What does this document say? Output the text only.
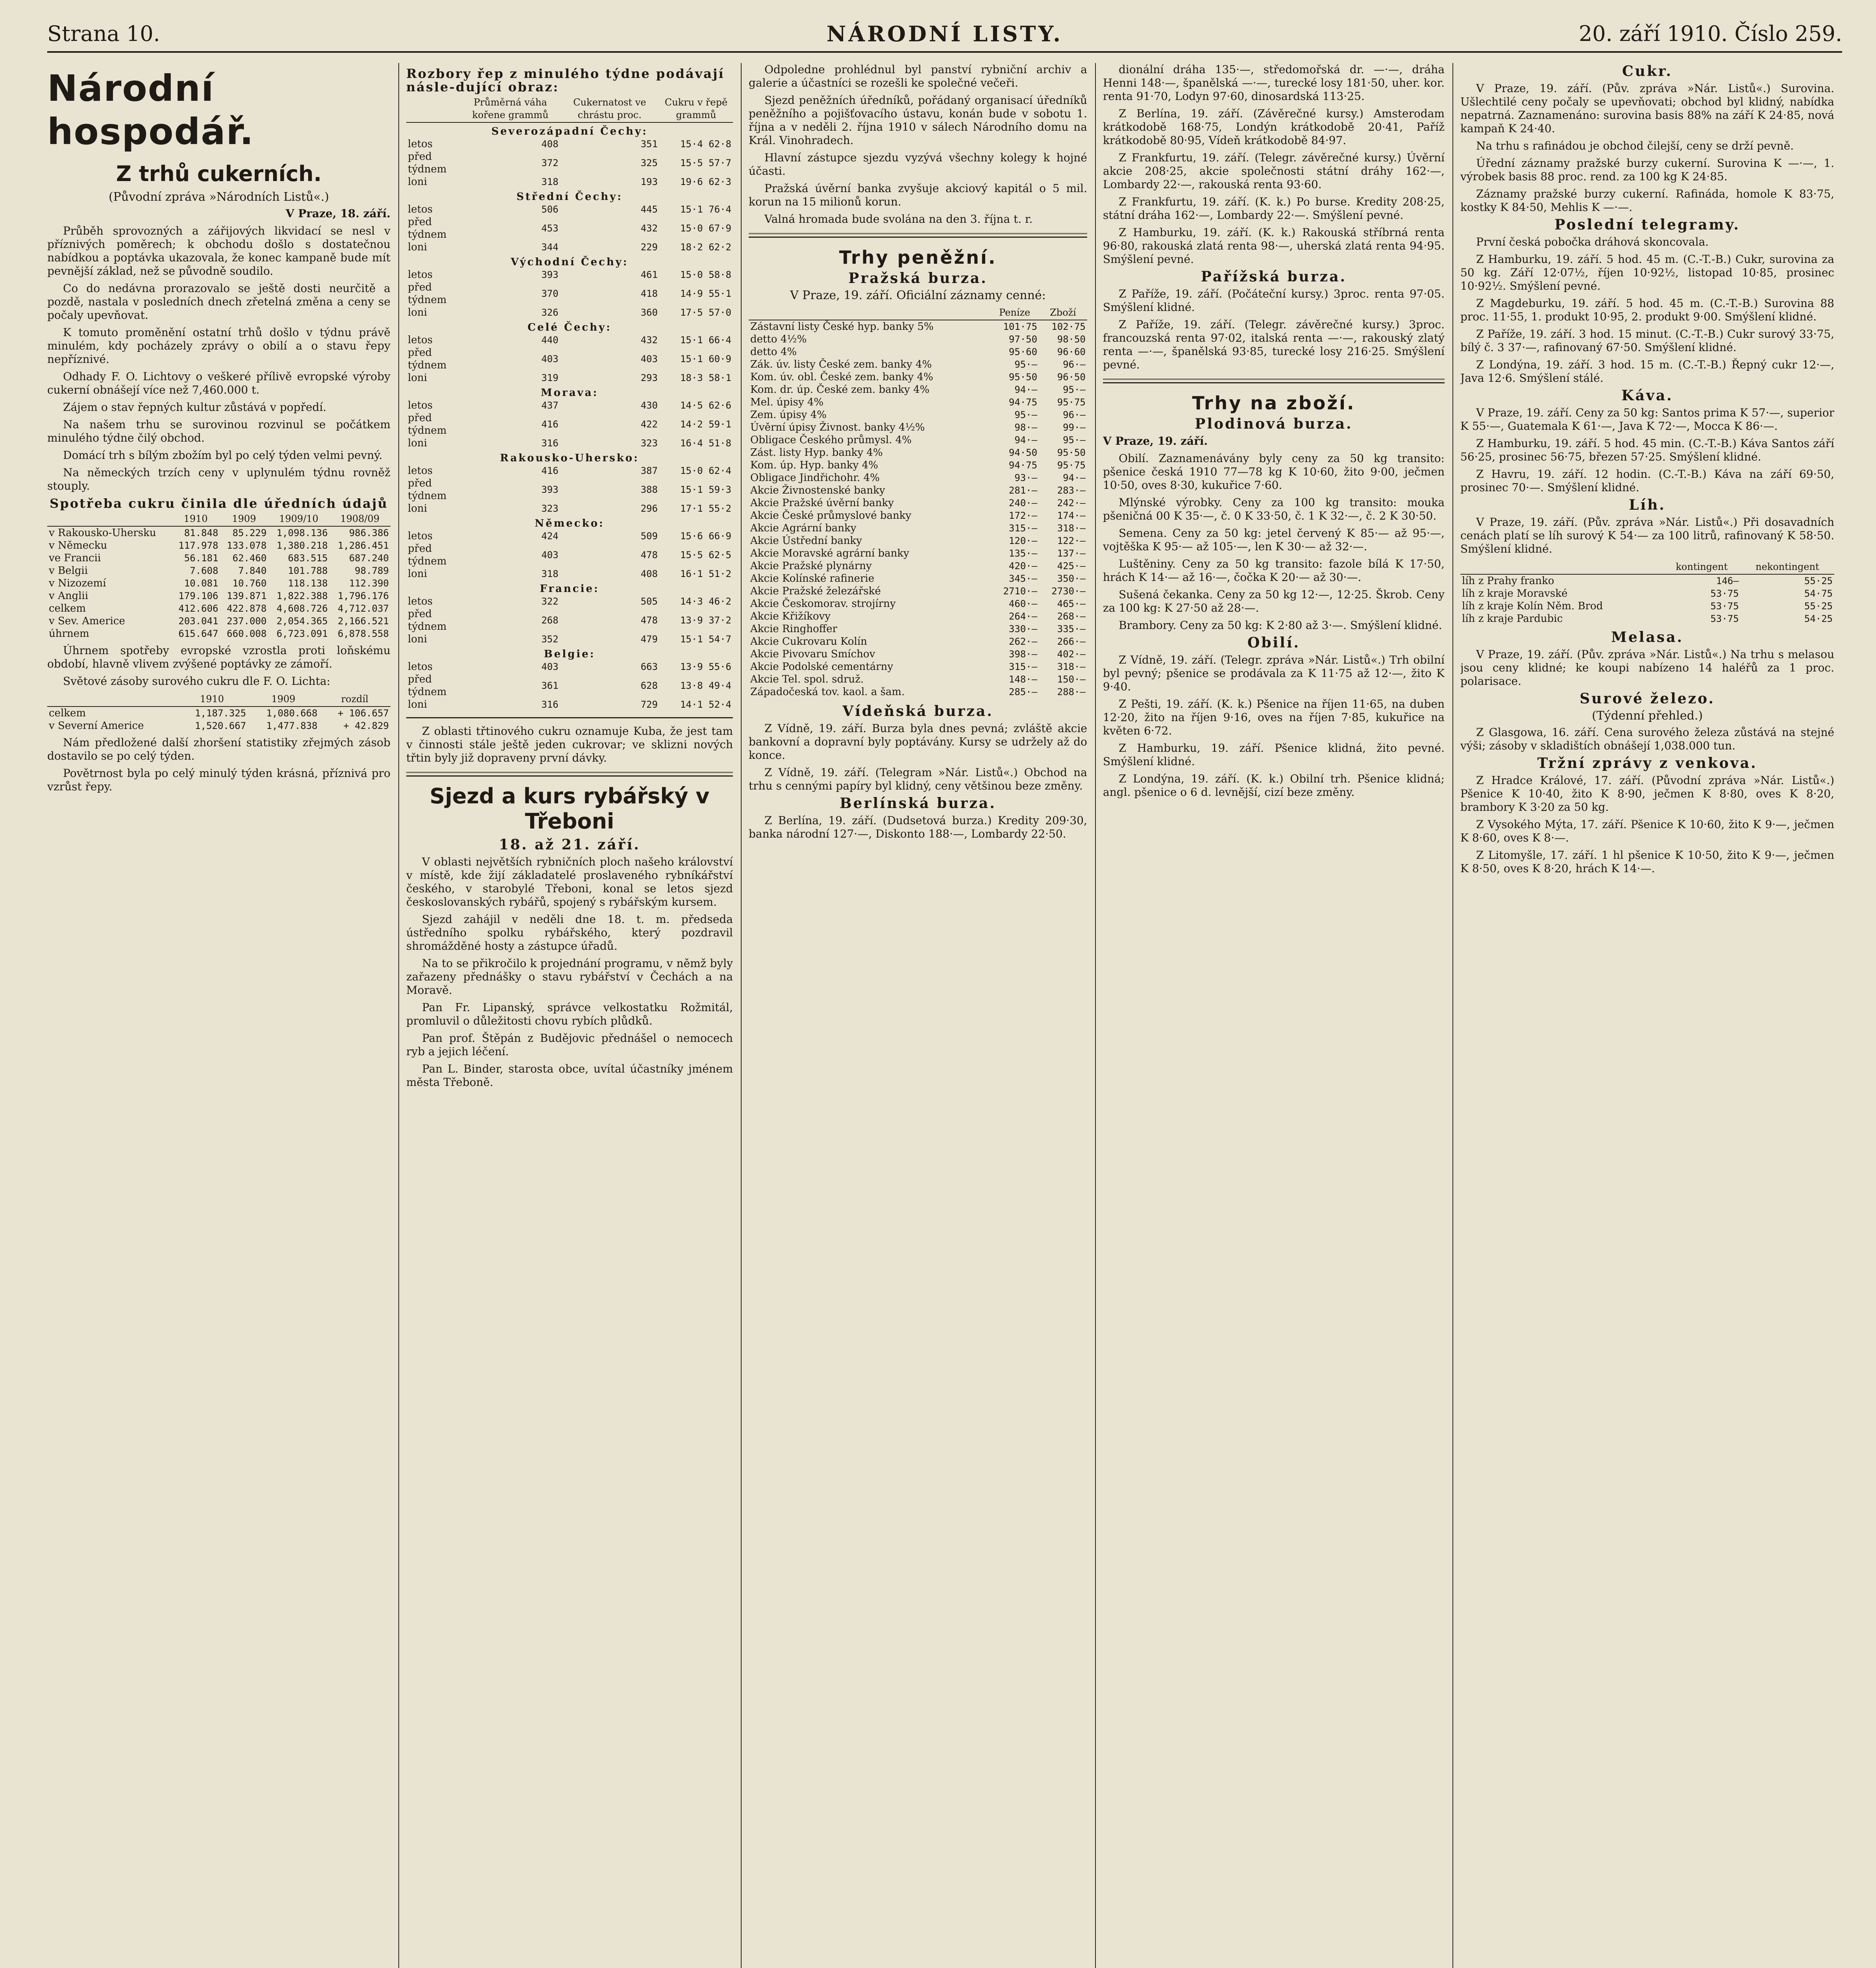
Strana 10.	NÁRODNÍ LISTY.	20. září 1910. Číslo 259.
Národní hospodář.
Z trhů cukerních.
(Původní zpráva »Národních Listů«.)
V Praze, 18. září.

Průběh sprovozných a zářijových likvidací se nesl v příznivých poměrech; k obchodu došlo s dostatečnou nabídkou a poptávka ukazovala, že konec kampaně bude mít pevnější základ, než se původně soudilo.

Co do nedávna prorazovalo se ještě dosti neurčitě a pozdě, nastala v posledních dnech zřetelná změna a ceny se počaly upevňovat.

K tomuto proměnění ostatní trhů došlo v týdnu právě minulém, kdy pocházely zprávy o obilí a o stavu řepy nepříznivé.

Odhady F. O. Lichtovy o veškeré přílivě evropské výroby cukerní obnášejí více než 7,460.000 t.

Zájem o stav řepných kultur zůstává v popředí.

Na našem trhu se surovinou rozvinul se počátkem minulého týdne čilý obchod.

Domácí trh s bílým zbožím byl po celý týden velmi pevný.

Na německých trzích ceny v uplynulém týdnu rovněž stouply.

Spotřeba cukru činila dle úředních údajů
	1910	1909	1909/10	1908/09
v Rakousko-Uhersku	81.848	85.229	1,098.136	986.386
v Německu	117.978	133.078	1,380.218	1,286.451
ve Francii	56.181	62.460	683.515	687.240
v Belgii	7.608	7.840	101.788	98.789
v Nizozemí	10.081	10.760	118.138	112.390
v Anglii	179.106	139.871	1,822.388	1,796.176
celkem	412.606	422.878	4,608.726	4,712.037
v Sev. Americe	203.041	237.000	2,054.365	2,166.521
úhrnem	615.647	660.008	6,723.091	6,878.558

Úhrnem spotřeby evropské vzrostla proti loňskému období, hlavně vlivem zvýšené poptávky ze zámoří.

Světové zásoby surového cukru dle F. O. Lichta:

	1910	1909	rozdíl
celkem	1,187.325	1,080.668	+ 106.657
v Severní Americe	1,520.667	1,477.838	+ 42.829

Nám předložené další zhoršení statistiky zřejmých zásob dostavilo se po celý týden.

Povětrnost byla po celý minulý týden krásná, příznivá pro vzrůst řepy.

Rozbory řep z minulého týdne podávají násle-dující obraz:
	Průměrná váha kořene grammů	Cukernatost ve chrástu proc.	Cukru v řepě grammů
Severozápadní Čechy:			
letos	408	351	15·4 62·8
před týdnem	372	325	15·5 57·7
loni	318	193	19·6 62·3
Střední Čechy:			
letos	506	445	15·1 76·4
před týdnem	453	432	15·0 67·9
loni	344	229	18·2 62·2
Východní Čechy:			
letos	393	461	15·0 58·8
před týdnem	370	418	14·9 55·1
loni	326	360	17·5 57·0
Celé Čechy:			
letos	440	432	15·1 66·4
před týdnem	403	403	15·1 60·9
loni	319	293	18·3 58·1
Morava:			
letos	437	430	14·5 62·6
před týdnem	416	422	14·2 59·1
loni	316	323	16·4 51·8
Rakousko-Uhersko:			
letos	416	387	15·0 62·4
před týdnem	393	388	15·1 59·3
loni	323	296	17·1 55·2
Německo:			
letos	424	509	15·6 66·9
před týdnem	403	478	15·5 62·5
loni	318	408	16·1 51·2
Francie:			
letos	322	505	14·3 46·2
před týdnem	268	478	13·9 37·2
loni	352	479	15·1 54·7
Belgie:			
letos	403	663	13·9 55·6
před týdnem	361	628	13·8 49·4
loni	316	729	14·1 52·4

Z oblasti třtinového cukru oznamuje Kuba, že jest tam v činnosti stále ještě jeden cukrovar; ve sklizni nových třtin byly již dopraveny první dávky.

Sjezd a kurs rybářský v Třeboni
18. až 21. září.

V oblasti největších rybničních ploch našeho království v místě, kde žijí základatelé proslaveného rybníkářství českého, v starobylé Třeboni, konal se letos sjezd českoslovanských rybářů, spojený s rybářským kursem.

Sjezd zahájil v neděli dne 18. t. m. předseda ústředního spolku rybářského, který pozdravil shromážděné hosty a zástupce úřadů.

Na to se přikročilo k projednání programu, v němž byly zařazeny přednášky o stavu rybářství v Čechách a na Moravě.

Pan Fr. Lipanský, správce velkostatku Rožmitál, promluvil o důležitosti chovu rybích plůdků.

Pan prof. Štěpán z Budějovic přednášel o nemocech ryb a jejich léčení.

Pan L. Binder, starosta obce, uvítal účastníky jménem města Třeboně.

Odpoledne prohlédnul byl panství rybniční archiv a galerie a účastníci se rozešli ke společné večeři.

Sjezd peněžních úředníků, pořádaný organisací úředníků peněžního a pojišťovacího ústavu, konán bude v sobotu 1. října a v neděli 2. října 1910 v sálech Národního domu na Král. Vinohradech.

Hlavní zástupce sjezdu vyzývá všechny kolegy k hojné účasti.

Pražská úvěrní banka zvyšuje akciový kapitál o 5 mil. korun na 15 milionů korun.

Valná hromada bude svolána na den 3. října t. r.

Trhy peněžní.
Pražská burza.
V Praze, 19. září. Oficiální záznamy cenné:
	Peníze	Zboží
Zástavní listy České hyp. banky 5%	101·75	102·75
detto 4½%	97·50	98·50
detto 4%	95·60	96·60
Zák. úv. listy České zem. banky 4%	95·—	96·—
Kom. úv. obl. České zem. banky 4%	95·50	96·50
Kom. dr. úp. České zem. banky 4%	94·—	95·—
Mel. úpisy 4%	94·75	95·75
Zem. úpisy 4%	95·—	96·—
Úvěrní úpisy Živnost. banky 4½%	98·—	99·—
Obligace Českého průmysl. 4%	94·—	95·—
Zást. listy Hyp. banky 4%	94·50	95·50
Kom. úp. Hyp. banky 4%	94·75	95·75
Obligace Jindřichohr. 4%	93·—	94·—
Akcie Živnostenské banky	281·—	283·—
Akcie Pražské úvěrní banky	240·—	242·—
Akcie České průmyslové banky	172·—	174·—
Akcie Agrární banky	315·—	318·—
Akcie Ústřední banky	120·—	122·—
Akcie Moravské agrární banky	135·—	137·—
Akcie Pražské plynárny	420·—	425·—
Akcie Kolínské rafinerie	345·—	350·—
Akcie Pražské železářské	2710·—	2730·—
Akcie Českomorav. strojírny	460·—	465·—
Akcie Křižíkovy	264·—	268·—
Akcie Ringhoffer	330·—	335·—
Akcie Cukrovaru Kolín	262·—	266·—
Akcie Pivovaru Smíchov	398·—	402·—
Akcie Podolské cementárny	315·—	318·—
Akcie Tel. spol. sdruž.	148·—	150·—
Západočeská tov. kaol. a šam.	285·—	288·—
Vídeňská burza.

Z Vídně, 19. září. Burza byla dnes pevná; zvláště akcie bankovní a dopravní byly poptávány. Kursy se udržely až do konce.

Z Vídně, 19. září. (Telegram »Nár. Listů«.) Obchod na trhu s cennými papíry byl klidný, ceny většinou beze změny.

Berlínská burza.

Z Berlína, 19. září. (Dudsetová burza.) Kredity 209·30, banka národní 127·—, Diskonto 188·—, Lombardy 22·50.

dionální dráha 135·—, středomořská dr. —·—, dráha Henni 148·—, španělská —·—, turecké losy 181·50, uher. kor. renta 91·70, Lodyn 97·60, dinosardská 113·25.

Z Berlína, 19. září. (Závěrečné kursy.) Amsterodam krátkodobě 168·75, Londýn krátkodobě 20·41, Paříž krátkodobě 80·95, Vídeň krátkodobě 84·97.

Z Frankfurtu, 19. září. (Telegr. závěrečné kursy.) Úvěrní akcie 208·25, akcie společnosti státní dráhy 162·—, Lombardy 22·—, rakouská renta 93·60.

Z Frankfurtu, 19. září. (K. k.) Po burse. Kredity 208·25, státní dráha 162·—, Lombardy 22·—. Smýšlení pevné.

Z Hamburku, 19. září. (K. k.) Rakouská stříbrná renta 96·80, rakouská zlatá renta 98·—, uherská zlatá renta 94·95. Smýšlení pevné.

Pařížská burza.

Z Paříže, 19. září. (Počáteční kursy.) 3proc. renta 97·05. Smýšlení klidné.

Z Paříže, 19. září. (Telegr. závěrečné kursy.) 3proc. francouzská renta 97·02, italská renta —·—, rakouský zlatý renta —·—, španělská 93·85, turecké losy 216·25. Smýšlení pevné.

Trhy na zboží.
Plodinová burza.
V Praze, 19. září.

Obilí. Zaznamenávány byly ceny za 50 kg transito: pšenice česká 1910 77—78 kg K 10·60, žito 9·00, ječmen 10·50, oves 8·30, kukuřice 7·60.

Mlýnské výrobky. Ceny za 100 kg transito: mouka pšeničná 00 K 35·—, č. 0 K 33·50, č. 1 K 32·—, č. 2 K 30·50.

Semena. Ceny za 50 kg: jetel červený K 85·— až 95·—, vojtěška K 95·— až 105·—, len K 30·— až 32·—.

Luštěniny. Ceny za 50 kg transito: fazole bílá K 17·50, hrách K 14·— až 16·—, čočka K 20·— až 30·—.

Sušená čekanka. Ceny za 50 kg 12·—, 12·25. Škrob. Ceny za 100 kg: K 27·50 až 28·—.

Brambory. Ceny za 50 kg: K 2·80 až 3·—. Smýšlení klidné.

Obilí.

Z Vídně, 19. září. (Telegr. zpráva »Nár. Listů«.) Trh obilní byl pevný; pšenice se prodávala za K 11·75 až 12·—, žito K 9·40.

Z Pešti, 19. září. (K. k.) Pšenice na říjen 11·65, na duben 12·20, žito na říjen 9·16, oves na říjen 7·85, kukuřice na květen 6·72.

Z Hamburku, 19. září. Pšenice klidná, žito pevné. Smýšlení klidné.

Z Londýna, 19. září. (K. k.) Obilní trh. Pšenice klidná; angl. pšenice o 6 d. levnější, cizí beze změny.

Cukr.

V Praze, 19. září. (Pův. zpráva »Nár. Listů«.) Surovina. Ušlechtilé ceny počaly se upevňovati; obchod byl klidný, nabídka nepatrná. Zaznamenáno: surovina basis 88% na září K 24·85, nová kampaň K 24·40.

Na trhu s rafinádou je obchod čilejší, ceny se drží pevně.

Úřední záznamy pražské burzy cukerní. Surovina K —·—, 1. výrobek basis 88 proc. rend. za 100 kg K 24·85.

Záznamy pražské burzy cukerní. Rafináda, homole K 83·75, kostky K 84·50, Mehlis K —·—.

Poslední telegramy.

První česká pobočka dráhová skoncovala.

Z Hamburku, 19. září. 5 hod. 45 m. (C.-T.-B.) Cukr, surovina za 50 kg. Září 12·07½, říjen 10·92½, listopad 10·85, prosinec 10·92½. Smýšlení pevné.

Z Magdeburku, 19. září. 5 hod. 45 m. (C.-T.-B.) Surovina 88 proc. 11·55, 1. produkt 10·95, 2. produkt 9·00. Smýšlení klidné.

Z Paříže, 19. září. 3 hod. 15 minut. (C.-T.-B.) Cukr surový 33·75, bílý č. 3 37·—, rafinovaný 67·50. Smýšlení klidné.

Z Londýna, 19. září. 3 hod. 15 m. (C.-T.-B.) Řepný cukr 12·—, Java 12·6. Smýšlení stálé.

Káva.

V Praze, 19. září. Ceny za 50 kg: Santos prima K 57·—, superior K 55·—, Guatemala K 61·—, Java K 72·—, Mocca K 86·—.

Z Hamburku, 19. září. 5 hod. 45 min. (C.-T.-B.) Káva Santos září 56·25, prosinec 56·75, březen 57·25. Smýšlení klidné.

Z Havru, 19. září. 12 hodin. (C.-T.-B.) Káva na září 69·50, prosinec 70·—. Smýšlení klidné.

Líh.

V Praze, 19. září. (Pův. zpráva »Nár. Listů«.) Při dosavadních cenách platí se líh surový K 54·— za 100 litrů, rafinovaný K 58·50. Smýšlení klidné.

	kontingent	nekontingent
líh z Prahy franko	146—	55·25
líh z kraje Moravské	53·75	54·75
líh z kraje Kolín Něm. Brod	53·75	55·25
líh z kraje Pardubic	53·75	54·25
Melasa.

V Praze, 19. září. (Pův. zpráva »Nár. Listů«.) Na trhu s melasou jsou ceny klidné; ke koupi nabízeno 14 haléřů za 1 proc. polarisace.

Surové železo.
(Týdenní přehled.)

Z Glasgowa, 16. září. Cena surového železa zůstává na stejné výši; zásoby v skladištích obnášejí 1,038.000 tun.

Tržní zprávy z venkova.

Z Hradce Králové, 17. září. (Původní zpráva »Nár. Listů«.) Pšenice K 10·40, žito K 8·90, ječmen K 8·80, oves K 8·20, brambory K 3·20 za 50 kg.

Z Vysokého Mýta, 17. září. Pšenice K 10·60, žito K 9·—, ječmen K 8·60, oves K 8·—.

Z Litomyšle, 17. září. 1 hl pšenice K 10·50, žito K 9·—, ječmen K 8·50, oves K 8·20, hrách K 14·—.
